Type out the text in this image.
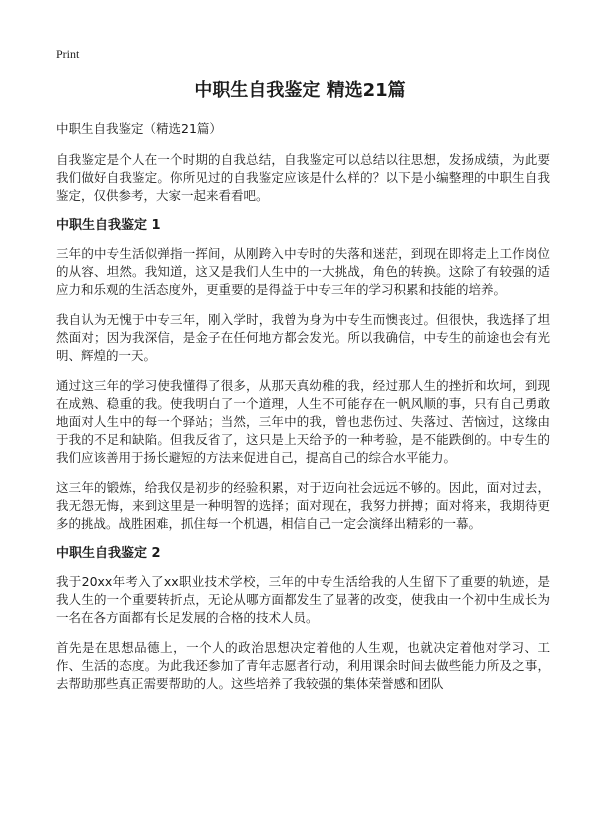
Print
中职生自我鉴定 精选21篇
中职生自我鉴定（精选21篇）

自我鉴定是个人在一个时期的自我总结，自我鉴定可以总结以往思想，发扬成绩，为此要我们做好自我鉴定。你所见过的自我鉴定应该是什么样的？以下是小编整理的中职生自我鉴定，仅供参考，大家一起来看看吧。

中职生自我鉴定 1

三年的中专生活似弹指一挥间，从刚跨入中专时的失落和迷茫，到现在即将走上工作岗位的从容、坦然。我知道，这又是我们人生中的一大挑战，角色的转换。这除了有较强的适应力和乐观的生活态度外，更重要的是得益于中专三年的学习积累和技能的培养。

我自认为无愧于中专三年，刚入学时，我曾为身为中专生而懊丧过。但很快，我选择了坦然面对；因为我深信，是金子在任何地方都会发光。所以我确信，中专生的前途也会有光明、辉煌的一天。

通过这三年的学习使我懂得了很多，从那天真幼稚的我，经过那人生的挫折和坎坷，到现在成熟、稳重的我。使我明白了一个道理，人生不可能存在一帆风顺的事，只有自己勇敢地面对人生中的每一个驿站；当然，三年中的我，曾也悲伤过、失落过、苦恼过，这缘由于我的不足和缺陷。但我反省了，这只是上天给予的一种考验，是不能跌倒的。中专生的我们应该善用于扬长避短的方法来促进自己，提高自己的综合水平能力。

这三年的锻炼，给我仅是初步的经验积累，对于迈向社会远远不够的。因此，面对过去，我无怨无悔，来到这里是一种明智的选择；面对现在，我努力拼搏；面对将来，我期待更多的挑战。战胜困难，抓住每一个机遇，相信自己一定会演绎出精彩的一幕。

中职生自我鉴定 2

我于20xx年考入了xx职业技术学校，三年的中专生活给我的人生留下了重要的轨迹，是我人生的一个重要转折点，无论从哪方面都发生了显著的改变，使我由一个初中生成长为一名在各方面都有长足发展的合格的技术人员。

首先是在思想品德上，一个人的政治思想决定着他的人生观，也就决定着他对学习、工作、生活的态度。为此我还参加了青年志愿者行动，利用课余时间去做些能力所及之事，去帮助那些真正需要帮助的人。这些培养了我较强的集体荣誉感和团队
